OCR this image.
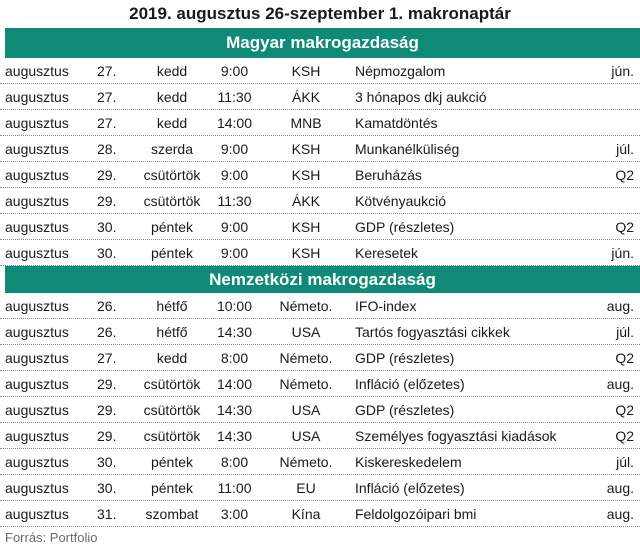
2019. augusztus 26-szeptember 1. makronaptár
Magyar makrogazdaság
augusztus 27.	kedd	9:00	KSH	Népmozgalom	jún.
augusztus 27.	kedd	11:30	ÁKK	3 hónapos dkj aukció
augusztus 27.	kedd	14:00	MNB	Kamatdöntés
augusztus 28.	szerda	9:00	KSH	Munkanélküliség	júl.
augusztus 29.	csütörtök	9:00	KSH	Beruházás	Q2
augusztus 29.	csütörtök	11:30	ÁKK	Kötvényaukció
augusztus 30.	péntek	9:00	KSH	GDP (részletes)	Q2
augusztus 30.	péntek	9:00	KSH	Keresetek	jún.
Nemzetközi makrogazdaság
augusztus 26.	hétfő	10:00	Németo.	IFO-index	aug.
augusztus 26.	hétfő	14:30	USA	Tartós fogyasztási cikkek	júl.
augusztus 27.	kedd	8:00	Németo.	GDP (részletes)	Q2
augusztus 29.	csütörtök	14:00	Németo.	Infláció (előzetes)	aug.
augusztus 29.	csütörtök	14:30	USA	GDP (részletes)	Q2
augusztus 29.	csütörtök	14:30	USA	Személyes fogyasztási kiadások	Q2
augusztus 30.	péntek	8:00	Németo.	Kiskereskedelem	júl.
augusztus 30.	péntek	11:00	EU	Infláció (előzetes)	aug.
augusztus 31.	szombat	3:00	Kína	Feldolgozóipari bmi	aug.
Forrás: Portfolio
